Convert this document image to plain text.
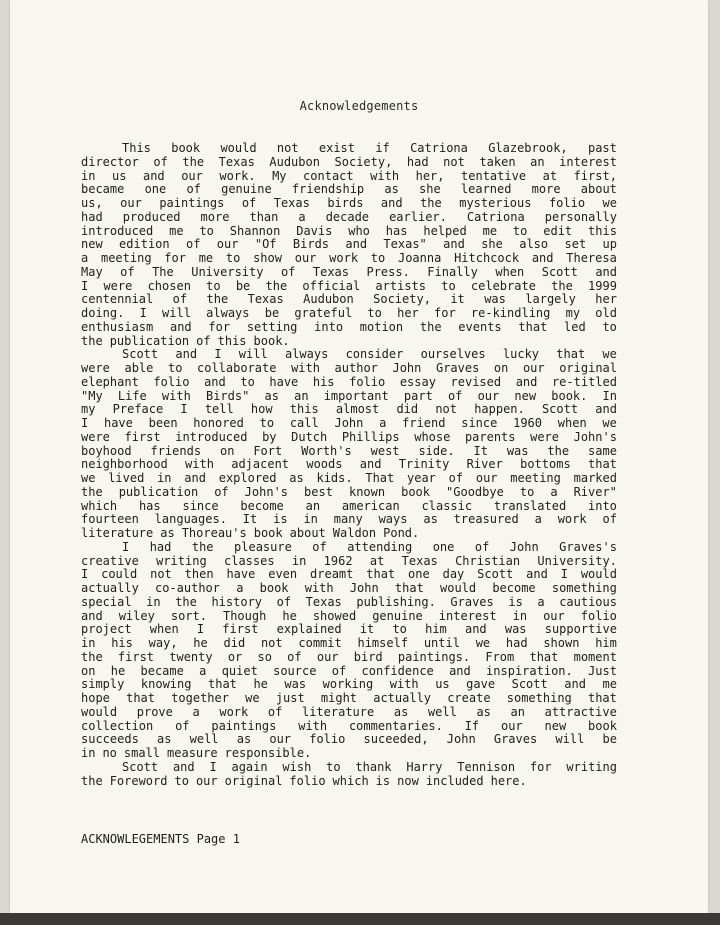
Acknowledgements
This book would not exist if Catriona Glazebrook, past
director of the Texas Audubon Society, had not taken an interest
in us and our work. My contact with her, tentative at first,
became one of genuine friendship as she learned more about
us, our paintings of Texas birds and the mysterious folio we
had produced more than a decade earlier. Catriona personally
introduced me to Shannon Davis who has helped me to edit this
new edition of our "Of Birds and Texas" and she also set up
a meeting for me to show our work to Joanna Hitchcock and Theresa
May of The University of Texas Press. Finally when Scott and
I were chosen to be the official artists to celebrate the 1999
centennial of the Texas Audubon Society, it was largely her
doing. I will always be grateful to her for re-kindling my old
enthusiasm and for setting into motion the events that led to
the publication of this book.
Scott and I will always consider ourselves lucky that we
were able to collaborate with author John Graves on our original
elephant folio and to have his folio essay revised and re-titled
"My Life with Birds" as an important part of our new book. In
my Preface I tell how this almost did not happen. Scott and
I have been honored to call John a friend since 1960 when we
were first introduced by Dutch Phillips whose parents were John's
boyhood friends on Fort Worth's west side. It was the same
neighborhood with adjacent woods and Trinity River bottoms that
we lived in and explored as kids. That year of our meeting marked
the publication of John's best known book "Goodbye to a River"
which has since become an american classic translated into
fourteen languages. It is in many ways as treasured a work of
literature as Thoreau's book about Waldon Pond.
I had the pleasure of attending one of John Graves's
creative writing classes in 1962 at Texas Christian University.
I could not then have even dreamt that one day Scott and I would
actually co-author a book with John that would become something
special in the history of Texas publishing. Graves is a cautious
and wiley sort. Though he showed genuine interest in our folio
project when I first explained it to him and was supportive
in his way, he did not commit himself until we had shown him
the first twenty or so of our bird paintings. From that moment
on he became a quiet source of confidence and inspiration. Just
simply knowing that he was working with us gave Scott and me
hope that together we just might actually create something that
would prove a work of literature as well as an attractive
collection of paintings with commentaries. If our new book
succeeds as well as our folio suceeded, John Graves will be
in no small measure responsible.
Scott and I again wish to thank Harry Tennison for writing
the Foreword to our original folio which is now included here.
ACKNOWLEGEMENTS Page 1
